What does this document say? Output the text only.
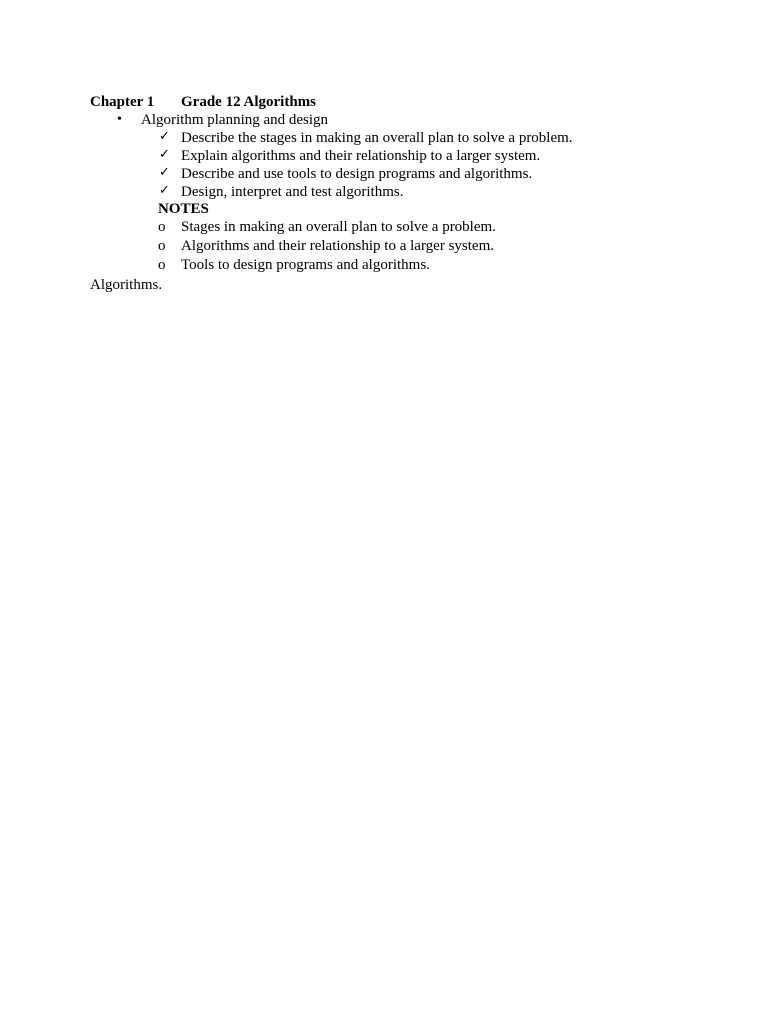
Chapter 1 Grade 12 Algorithms
• Algorithm planning and design
✓ Describe the stages in making an overall plan to solve a problem.
✓ Explain algorithms and their relationship to a larger system.
✓ Describe and use tools to design programs and algorithms.
✓ Design, interpret and test algorithms.
NOTES
o Stages in making an overall plan to solve a problem.
o Algorithms and their relationship to a larger system.
o Tools to design programs and algorithms.
Algorithms.
